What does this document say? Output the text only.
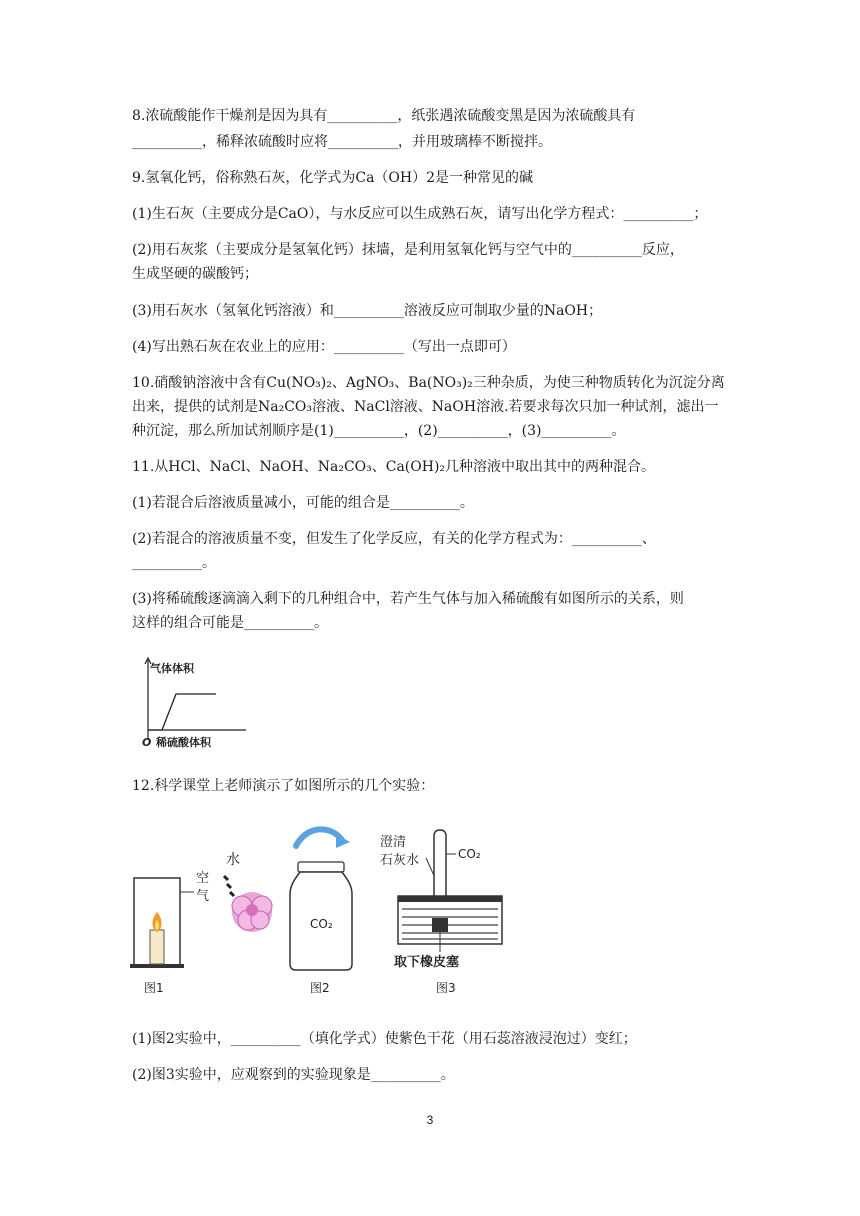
8.浓硫酸能作干燥剂是因为具有__________，纸张遇浓硫酸变黑是因为浓硫酸具有
__________，稀释浓硫酸时应将__________，并用玻璃棒不断搅拌。
9.氢氧化钙，俗称熟石灰，化学式为Ca（OH）2是一种常见的碱
(1)生石灰（主要成分是CaO），与水反应可以生成熟石灰，请写出化学方程式：__________；
(2)用石灰浆（主要成分是氢氧化钙）抹墙，是利用氢氧化钙与空气中的__________反应，
生成坚硬的碳酸钙；
(3)用石灰水（氢氧化钙溶液）和__________溶液反应可制取少量的NaOH；
(4)写出熟石灰在农业上的应用：__________（写出一点即可）
10.硝酸钠溶液中含有Cu(NO₃)₂、AgNO₃、Ba(NO₃)₂三种杂质，为使三种物质转化为沉淀分离
出来，提供的试剂是Na₂CO₃溶液、NaCl溶液、NaOH溶液.若要求每次只加一种试剂，滤出一
种沉淀，那么所加试剂顺序是(1)__________，(2)__________，(3)__________。
11.从HCl、NaCl、NaOH、Na₂CO₃、Ca(OH)₂几种溶液中取出其中的两种混合。
(1)若混合后溶液质量减小，可能的组合是__________。
(2)若混合的溶液质量不变，但发生了化学反应，有关的化学方程式为：__________、
__________。
(3)将稀硫酸逐滴滴入剩下的几种组合中，若产生气体与加入稀硫酸有如图所示的关系，则
这样的组合可能是__________。
气体体积
O 稀硫酸体积
12.科学课堂上老师演示了如图所示的几个实验：
空
气
图1
水
CO₂
图2
澄清
石灰水	CO₂
取下橡皮塞
图3
(1)图2实验中，__________（填化学式）使紫色干花（用石蕊溶液浸泡过）变红；
(2)图3实验中，应观察到的实验现象是__________。
3
